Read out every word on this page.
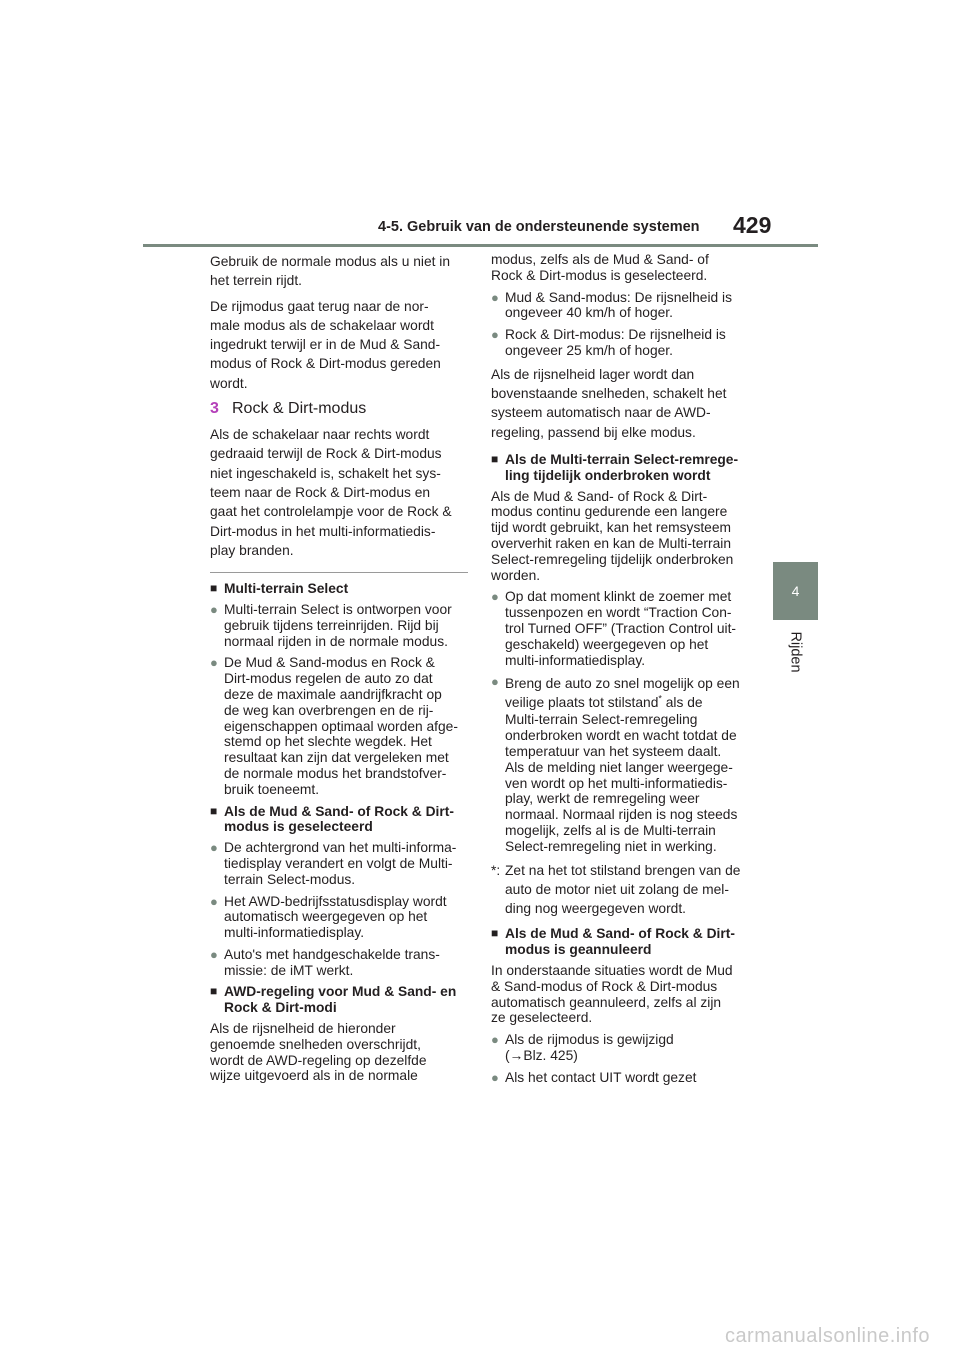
4-5. Gebruik van de ondersteunende systemen 429
4
Rijden
Gebruik de normale modus als u niet in
het terrein rijdt.
De rijmodus gaat terug naar de nor-
male modus als de schakelaar wordt
ingedrukt terwijl er in de Mud & Sand-
modus of Rock & Dirt-modus gereden
wordt.
3 Rock & Dirt-modus
Als de schakelaar naar rechts wordt
gedraaid terwijl de Rock & Dirt-modus
niet ingeschakeld is, schakelt het sys-
teem naar de Rock & Dirt-modus en
gaat het controlelampje voor de Rock &
Dirt-modus in het multi-informatiedis-
play branden.
■ Multi-terrain Select
● Multi-terrain Select is ontworpen voor
gebruik tijdens terreinrijden. Rijd bij
normaal rijden in de normale modus.
● De Mud & Sand-modus en Rock &
Dirt-modus regelen de auto zo dat
deze de maximale aandrijfkracht op
de weg kan overbrengen en de rij-
eigenschappen optimaal worden afge-
stemd op het slechte wegdek. Het
resultaat kan zijn dat vergeleken met
de normale modus het brandstofver-
bruik toeneemt.
■ Als de Mud & Sand- of Rock & Dirt-
modus is geselecteerd
● De achtergrond van het multi-informa-
tiedisplay verandert en volgt de Multi-
terrain Select-modus.
● Het AWD-bedrijfsstatusdisplay wordt
automatisch weergegeven op het
multi-informatiedisplay.
● Auto's met handgeschakelde trans-
missie: de iMT werkt.
■ AWD-regeling voor Mud & Sand- en
Rock & Dirt-modi
Als de rijsnelheid de hieronder
genoemde snelheden overschrijdt,
wordt de AWD-regeling op dezelfde
wijze uitgevoerd als in de normale
modus, zelfs als de Mud & Sand- of
Rock & Dirt-modus is geselecteerd.
● Mud & Sand-modus: De rijsnelheid is
ongeveer 40 km/h of hoger.
● Rock & Dirt-modus: De rijsnelheid is
ongeveer 25 km/h of hoger.
Als de rijsnelheid lager wordt dan
bovenstaande snelheden, schakelt het
systeem automatisch naar de AWD-
regeling, passend bij elke modus.
■ Als de Multi-terrain Select-remrege-
ling tijdelijk onderbroken wordt
Als de Mud & Sand- of Rock & Dirt-
modus continu gedurende een langere
tijd wordt gebruikt, kan het remsysteem
oververhit raken en kan de Multi-terrain
Select-remregeling tijdelijk onderbroken
worden.
● Op dat moment klinkt de zoemer met
tussenpozen en wordt “Traction Con-
trol Turned OFF” (Traction Control uit-
geschakeld) weergegeven op het
multi-informatiedisplay.
● Breng de auto zo snel mogelijk op een
veilige plaats tot stilstand* als de
Multi-terrain Select-remregeling
onderbroken wordt en wacht totdat de
temperatuur van het systeem daalt.
Als de melding niet langer weergege-
ven wordt op het multi-informatiedis-
play, werkt de remregeling weer
normaal. Normaal rijden is nog steeds
mogelijk, zelfs al is de Multi-terrain
Select-remregeling niet in werking.
*: Zet na het tot stilstand brengen van de
auto de motor niet uit zolang de mel-
ding nog weergegeven wordt.
■ Als de Mud & Sand- of Rock & Dirt-
modus is geannuleerd
In onderstaande situaties wordt de Mud
& Sand-modus of Rock & Dirt-modus
automatisch geannuleerd, zelfs al zijn
ze geselecteerd.
● Als de rijmodus is gewijzigd
(→Blz. 425)
● Als het contact UIT wordt gezet
carmanualsonline.info
